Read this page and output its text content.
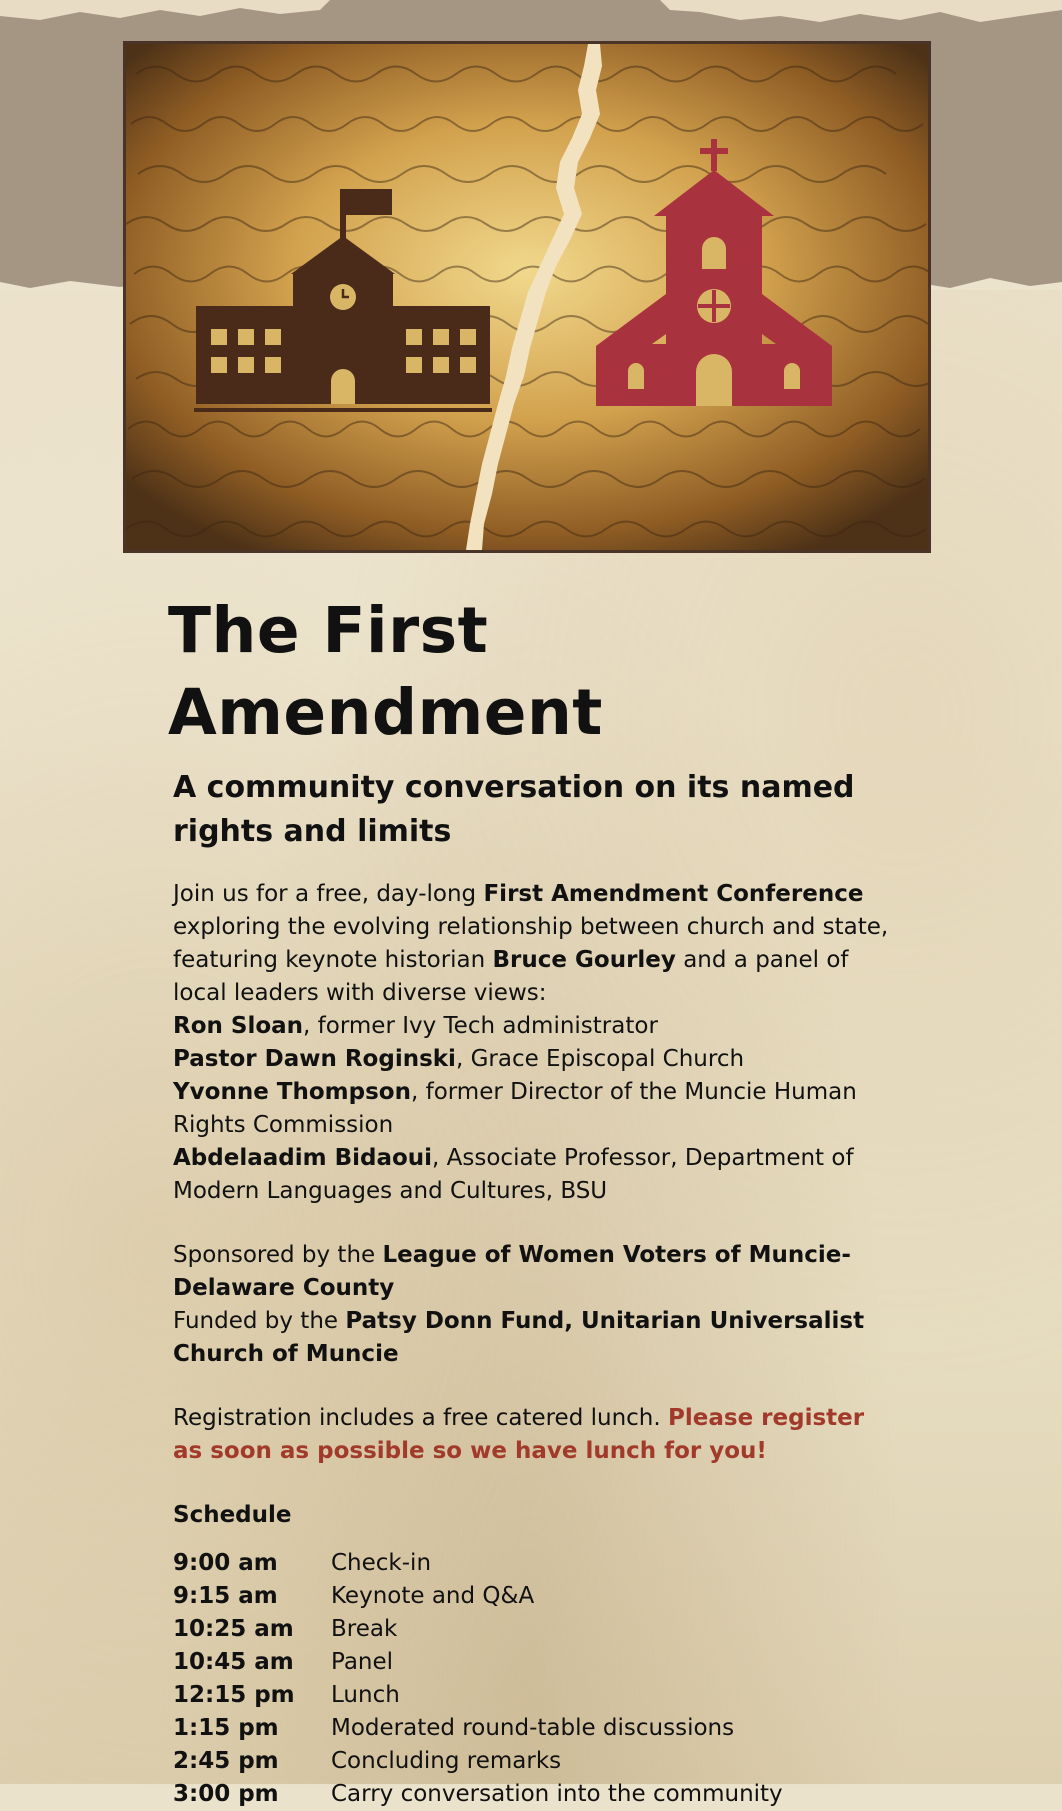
The First Amendment
A community conversation on its named rights and limits
Join us for a free, day-long First Amendment Conference exploring the evolving relationship between church and state, featuring keynote historian Bruce Gourley and a panel of local leaders with diverse views:
Ron Sloan, former Ivy Tech administrator
Pastor Dawn Roginski, Grace Episcopal Church
Yvonne Thompson, former Director of the Muncie Human Rights Commission
Abdelaadim Bidaoui, Associate Professor, Department of Modern Languages and Cultures, BSU
Sponsored by the League of Women Voters of Muncie-Delaware County
Funded by the Patsy Donn Fund, Unitarian Universalist Church of Muncie
Registration includes a free catered lunch. Please register as soon as possible so we have lunch for you!
Schedule
9:00 am	Check-in
9:15 am	Keynote and Q&A
10:25 am	Break
10:45 am	Panel
12:15 pm	Lunch
1:15 pm	Moderated round-table discussions
2:45 pm	Concluding remarks
3:00 pm	Carry conversation into the community
